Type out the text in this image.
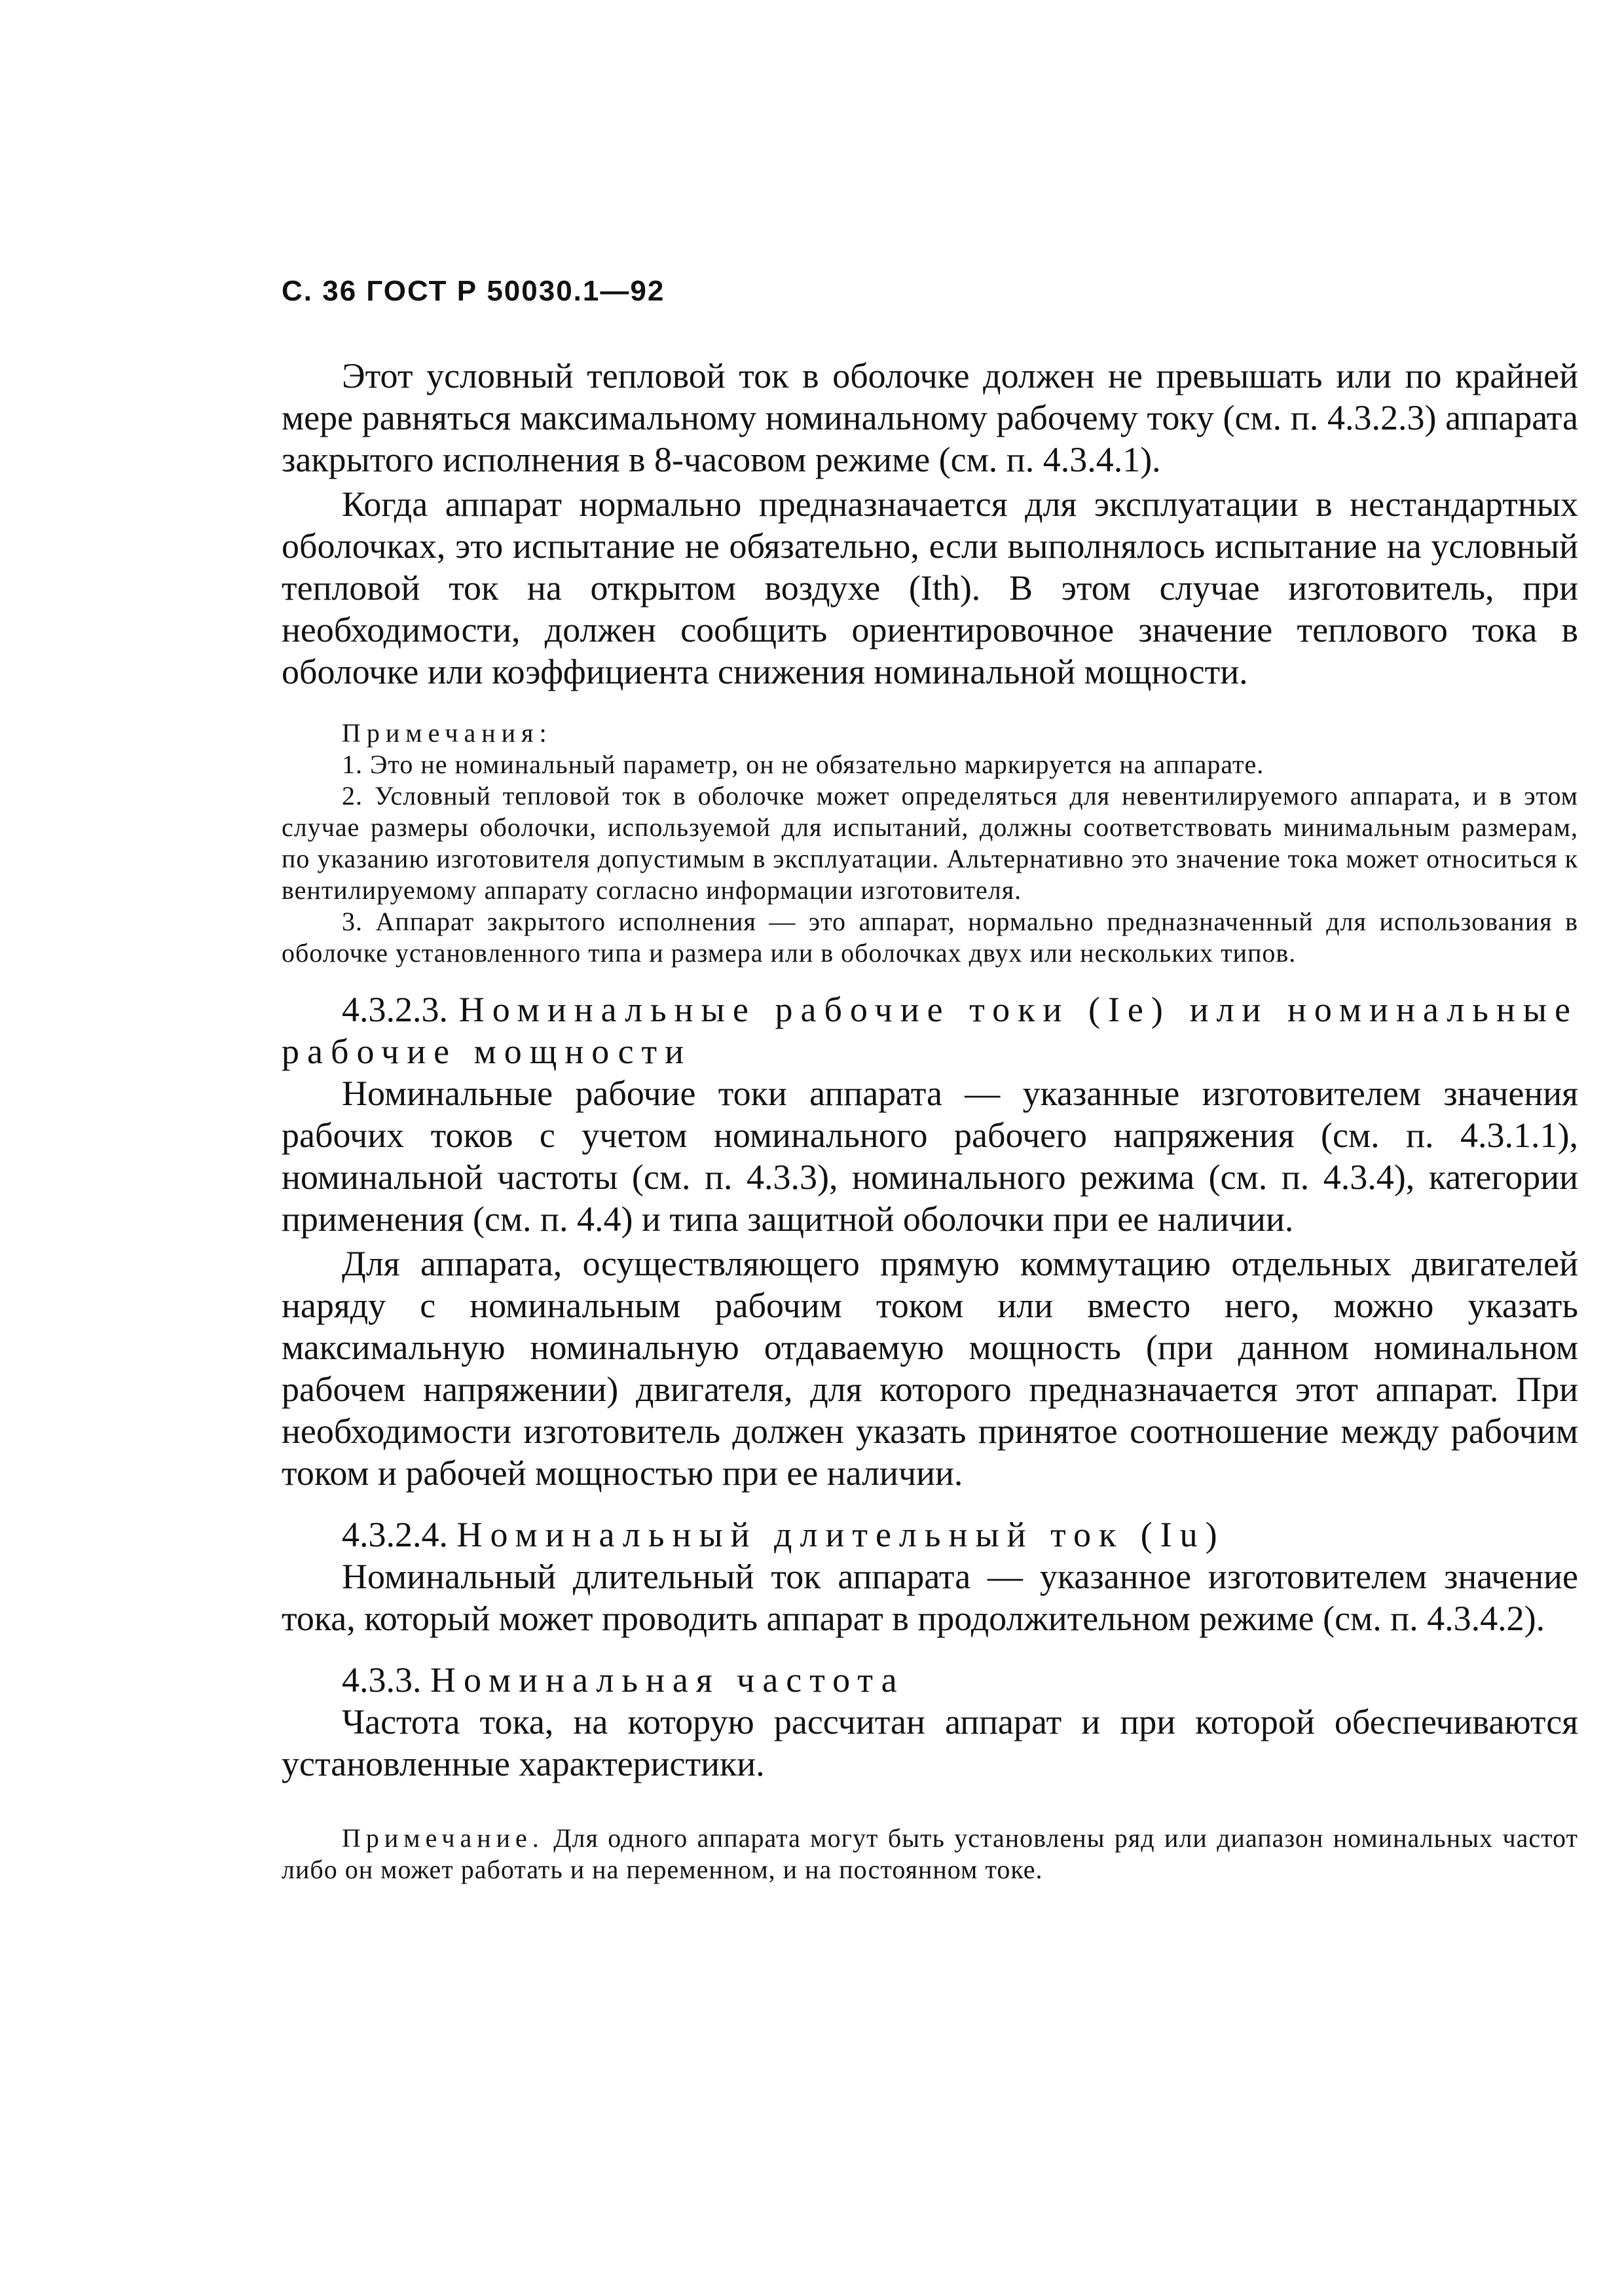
С. 36 ГОСТ Р 50030.1—92

Этот условный тепловой ток в оболочке должен не превышать или по крайней мере равняться максимальному номинальному рабочему току (см. п. 4.3.2.3) аппарата закрытого исполнения в 8-часовом режиме (см. п. 4.3.4.1).

Когда аппарат нормально предназначается для эксплуатации в нестандартных оболочках, это испытание не обязательно, если выполнялось испытание на условный тепловой ток на открытом воздухе (Ith). В этом случае изготовитель, при необходимости, должен сообщить ориентировочное значение теплового тока в оболочке или коэффициента снижения номинальной мощности.

Примечания:
1. Это не номинальный параметр, он не обязательно маркируется на аппарате.
2. Условный тепловой ток в оболочке может определяться для невентилируемого аппарата, и в этом случае размеры оболочки, используемой для испытаний, должны соответствовать минимальным размерам, по указанию изготовителя допустимым в эксплуатации. Альтернативно это значение тока может относиться к вентилируемому аппарату согласно информации изготовителя.
3. Аппарат закрытого исполнения — это аппарат, нормально предназначенный для использования в оболочке установленного типа и размера или в оболочках двух или нескольких типов.
4.3.2.3. Номинальные рабочие токи (Ie) или номинальные рабочие мощности

Номинальные рабочие токи аппарата — указанные изготовителем значения рабочих токов с учетом номинального рабочего напряжения (см. п. 4.3.1.1), номинальной частоты (см. п. 4.3.3), номинального режима (см. п. 4.3.4), категории применения (см. п. 4.4) и типа защитной оболочки при ее наличии.

Для аппарата, осуществляющего прямую коммутацию отдельных двигателей наряду с номинальным рабочим током или вместо него, можно указать максимальную номинальную отдаваемую мощность (при данном номинальном рабочем напряжении) двигателя, для которого предназначается этот аппарат. При необходимости изготовитель должен указать принятое соотношение между рабочим током и рабочей мощностью при ее наличии.

4.3.2.4. Номинальный длительный ток (Iu)

Номинальный длительный ток аппарата — указанное изготовителем значение тока, который может проводить аппарат в продолжительном режиме (см. п. 4.3.4.2).

4.3.3. Номинальная частота

Частота тока, на которую рассчитан аппарат и при которой обеспечиваются установленные характеристики.

Примечание. Для одного аппарата могут быть установлены ряд или диапазон номинальных частот либо он может работать и на переменном, и на постоянном токе.
